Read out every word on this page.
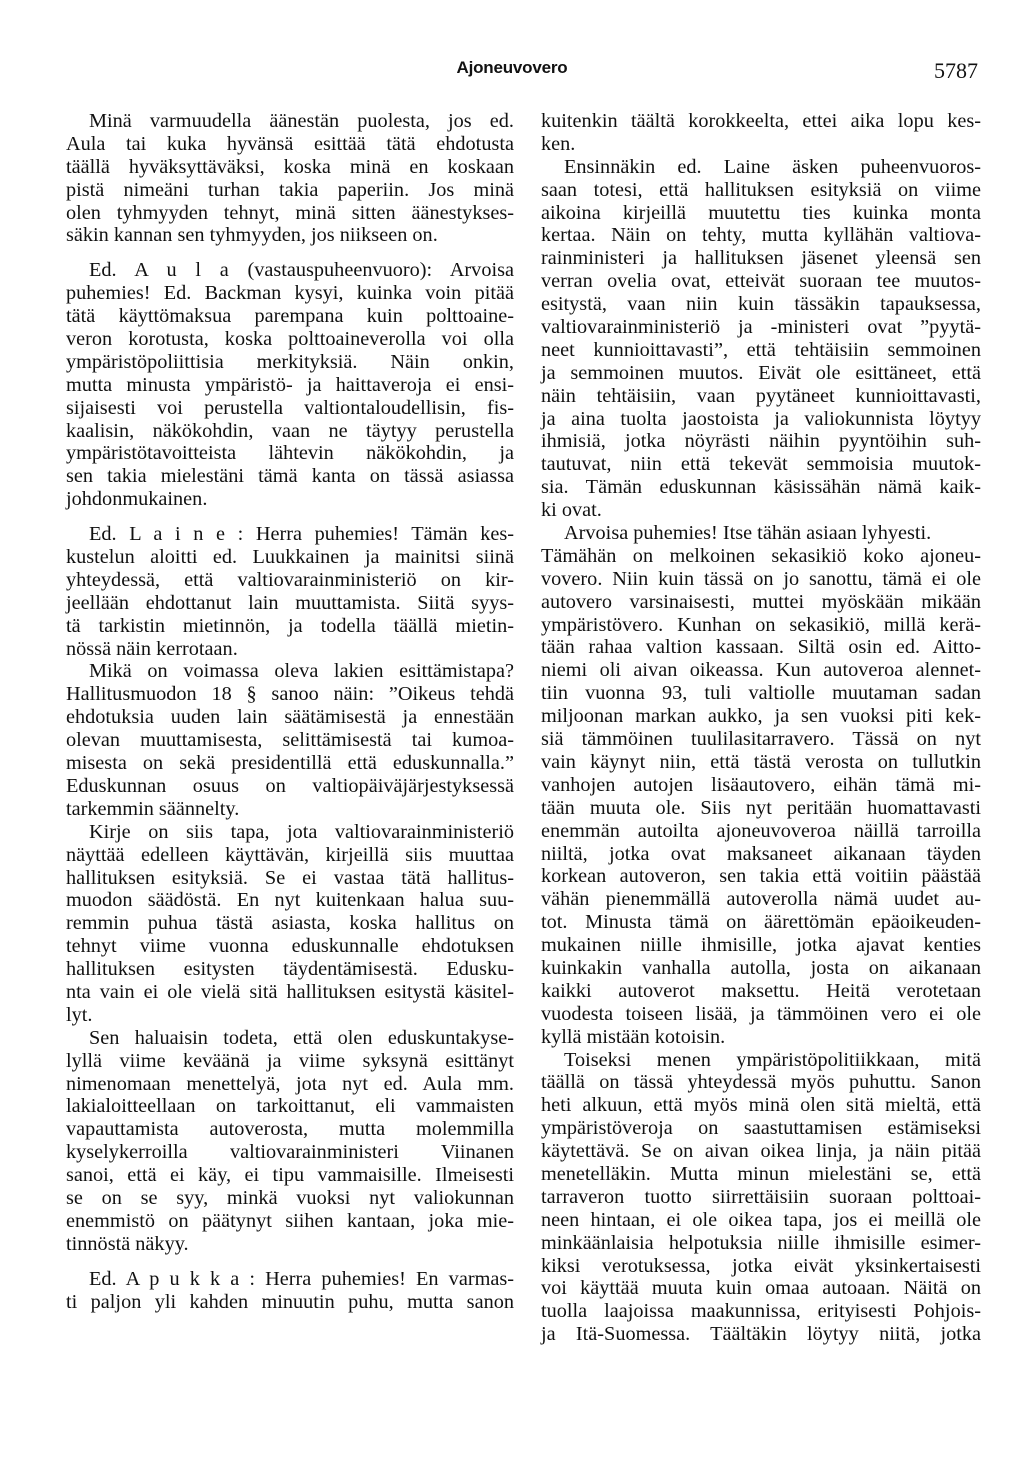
Ajoneuvovero	5787
Minä varmuudella äänestän puolesta, jos ed.
Aula tai kuka hyvänsä esittää tätä ehdotusta
täällä hyväksyttäväksi, koska minä en koskaan
pistä nimeäni turhan takia paperiin. Jos minä
olen tyhmyyden tehnyt, minä sitten äänestykses-
säkin kannan sen tyhmyyden, jos niikseen on.
Ed. A u l a (vastauspuheenvuoro): Arvoisa
puhemies! Ed. Backman kysyi, kuinka voin pitää
tätä käyttömaksua parempana kuin polttoaine-
veron korotusta, koska polttoaineverolla voi olla
ympäristöpoliittisia merkityksiä. Näin onkin,
mutta minusta ympäristö- ja haittaveroja ei ensi-
sijaisesti voi perustella valtiontaloudellisin, fis-
kaalisin, näkökohdin, vaan ne täytyy perustella
ympäristötavoitteista lähtevin näkökohdin, ja
sen takia mielestäni tämä kanta on tässä asiassa
johdonmukainen.
Ed. L a i n e : Herra puhemies! Tämän kes-
kustelun aloitti ed. Luukkainen ja mainitsi siinä
yhteydessä, että valtiovarainministeriö on kir-
jeellään ehdottanut lain muuttamista. Siitä syys-
tä tarkistin mietinnön, ja todella täällä mietin-
nössä näin kerrotaan.
Mikä on voimassa oleva lakien esittämistapa?
Hallitusmuodon 18 § sanoo näin: ”Oikeus tehdä
ehdotuksia uuden lain säätämisestä ja ennestään
olevan muuttamisesta, selittämisestä tai kumoa-
misesta on sekä presidentillä että eduskunnalla.”
Eduskunnan osuus on valtiopäiväjärjestyksessä
tarkemmin säännelty.
Kirje on siis tapa, jota valtiovarainministeriö
näyttää edelleen käyttävän, kirjeillä siis muuttaa
hallituksen esityksiä. Se ei vastaa tätä hallitus-
muodon säädöstä. En nyt kuitenkaan halua suu-
remmin puhua tästä asiasta, koska hallitus on
tehnyt viime vuonna eduskunnalle ehdotuksen
hallituksen esitysten täydentämisestä. Edusku-
nta vain ei ole vielä sitä hallituksen esitystä käsitel-
lyt.
Sen haluaisin todeta, että olen eduskuntakyse-
lyllä viime keväänä ja viime syksynä esittänyt
nimenomaan menettelyä, jota nyt ed. Aula mm.
lakialoitteellaan on tarkoittanut, eli vammaisten
vapauttamista autoverosta, mutta molemmilla
kyselykerroilla valtiovarainministeri Viinanen
sanoi, että ei käy, ei tipu vammaisille. Ilmeisesti
se on se syy, minkä vuoksi nyt valiokunnan
enemmistö on päätynyt siihen kantaan, joka mie-
tinnöstä näkyy.
Ed. A p u k k a : Herra puhemies! En varmas-
ti paljon yli kahden minuutin puhu, mutta sanon
kuitenkin täältä korokkeelta, ettei aika lopu kes-
ken.
Ensinnäkin ed. Laine äsken puheenvuoros-
saan totesi, että hallituksen esityksiä on viime
aikoina kirjeillä muutettu ties kuinka monta
kertaa. Näin on tehty, mutta kyllähän valtiova-
rainministeri ja hallituksen jäsenet yleensä sen
verran ovelia ovat, etteivät suoraan tee muutos-
esitystä, vaan niin kuin tässäkin tapauksessa,
valtiovarainministeriö ja -ministeri ovat ”pyytä-
neet kunnioittavasti”, että tehtäisiin semmoinen
ja semmoinen muutos. Eivät ole esittäneet, että
näin tehtäisiin, vaan pyytäneet kunnioittavasti,
ja aina tuolta jaostoista ja valiokunnista löytyy
ihmisiä, jotka nöyrästi näihin pyyntöihin suh-
tautuvat, niin että tekevät semmoisia muutok-
sia. Tämän eduskunnan käsissähän nämä kaik-
ki ovat.
Arvoisa puhemies! Itse tähän asiaan lyhyesti.
Tämähän on melkoinen sekasikiö koko ajoneu-
vovero. Niin kuin tässä on jo sanottu, tämä ei ole
autovero varsinaisesti, muttei myöskään mikään
ympäristövero. Kunhan on sekasikiö, millä kerä-
tään rahaa valtion kassaan. Siltä osin ed. Aitto-
niemi oli aivan oikeassa. Kun autoveroa alennet-
tiin vuonna 93, tuli valtiolle muutaman sadan
miljoonan markan aukko, ja sen vuoksi piti kek-
siä tämmöinen tuulilasitarravero. Tässä on nyt
vain käynyt niin, että tästä verosta on tullutkin
vanhojen autojen lisäautovero, eihän tämä mi-
tään muuta ole. Siis nyt peritään huomattavasti
enemmän autoilta ajoneuvoveroa näillä tarroilla
niiltä, jotka ovat maksaneet aikanaan täyden
korkean autoveron, sen takia että voitiin päästää
vähän pienemmällä autoverolla nämä uudet au-
tot. Minusta tämä on äärettömän epäoikeuden-
mukainen niille ihmisille, jotka ajavat kenties
kuinkakin vanhalla autolla, josta on aikanaan
kaikki autoverot maksettu. Heitä verotetaan
vuodesta toiseen lisää, ja tämmöinen vero ei ole
kyllä mistään kotoisin.
Toiseksi menen ympäristöpolitiikkaan, mitä
täällä on tässä yhteydessä myös puhuttu. Sanon
heti alkuun, että myös minä olen sitä mieltä, että
ympäristöveroja on saastuttamisen estämiseksi
käytettävä. Se on aivan oikea linja, ja näin pitää
menetelläkin. Mutta minun mielestäni se, että
tarraveron tuotto siirrettäisiin suoraan polttoai-
neen hintaan, ei ole oikea tapa, jos ei meillä ole
minkäänlaisia helpotuksia niille ihmisille esimer-
kiksi verotuksessa, jotka eivät yksinkertaisesti
voi käyttää muuta kuin omaa autoaan. Näitä on
tuolla laajoissa maakunnissa, erityisesti Pohjois-
ja Itä-Suomessa. Täältäkin löytyy niitä, jotka
